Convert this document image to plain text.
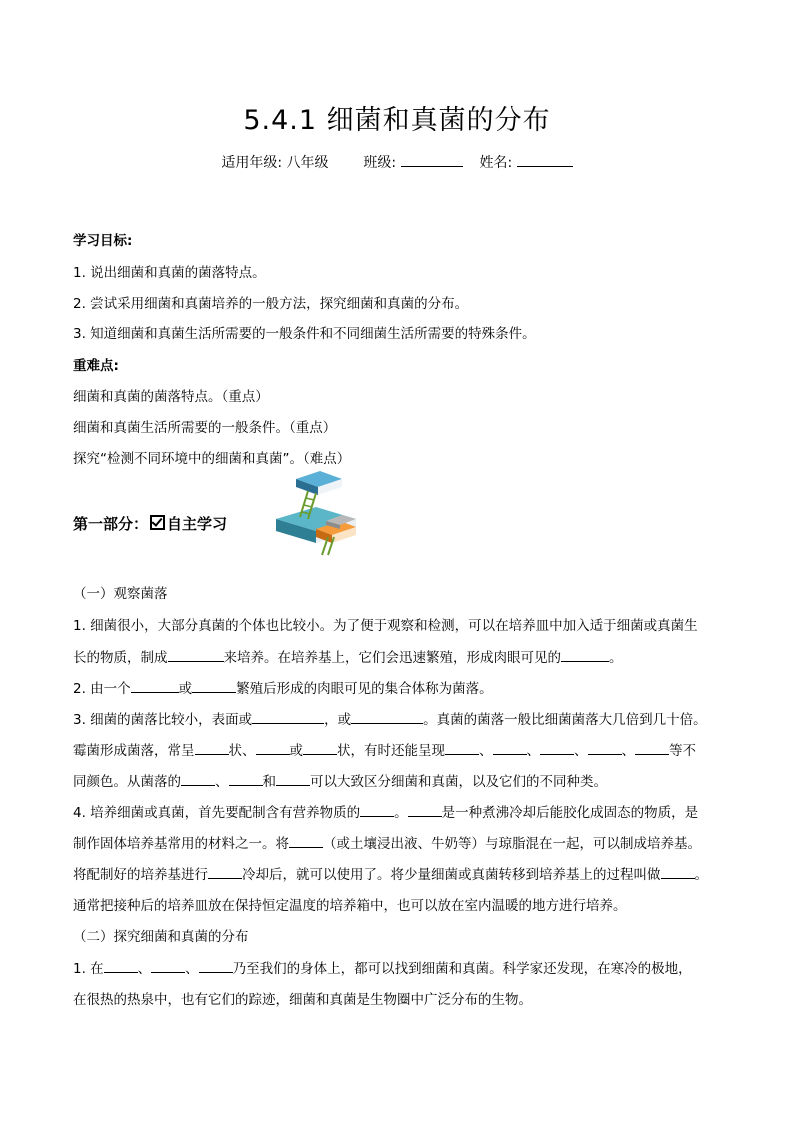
5.4.1 细菌和真菌的分布
适用年级: 八年级 班级:	姓名:
学习目标:
1. 说出细菌和真菌的菌落特点。
2. 尝试采用细菌和真菌培养的一般方法，探究细菌和真菌的分布。
3. 知道细菌和真菌生活所需要的一般条件和不同细菌生活所需要的特殊条件。
重难点:
细菌和真菌的菌落特点。（重点）
细菌和真菌生活所需要的一般条件。（重点）
探究“检测不同环境中的细菌和真菌”。（难点）
第一部分： 自主学习
（一）观察菌落
1. 细菌很小，大部分真菌的个体也比较小。为了便于观察和检测，可以在培养皿中加入适于细菌或真菌生
长的物质，制成	来培养。在培养基上，它们会迅速繁殖，形成肉眼可见的	。
2. 由一个	或	繁殖后形成的肉眼可见的集合体称为菌落。
3. 细菌的菌落比较小，表面或	，或	。真菌的菌落一般比细菌菌落大几倍到几十倍。
霉菌形成菌落，常呈	状、	或	状，有时还能呈现	、	、	、	、	等不
同颜色。从菌落的	、	和	可以大致区分细菌和真菌，以及它们的不同种类。
4. 培养细菌或真菌，首先要配制含有营养物质的	。	是一种煮沸冷却后能胶化成固态的物质，是
制作固体培养基常用的材料之一。将	（或土壤浸出液、牛奶等）与琼脂混在一起，可以制成培养基。
将配制好的培养基进行	冷却后，就可以使用了。将少量细菌或真菌转移到培养基上的过程叫做	。
通常把接种后的培养皿放在保持恒定温度的培养箱中，也可以放在室内温暖的地方进行培养。
（二）探究细菌和真菌的分布
1. 在	、	、	乃至我们的身体上，都可以找到细菌和真菌。科学家还发现，在寒冷的极地，
在很热的热泉中，也有它们的踪迹，细菌和真菌是生物圈中广泛分布的生物。
